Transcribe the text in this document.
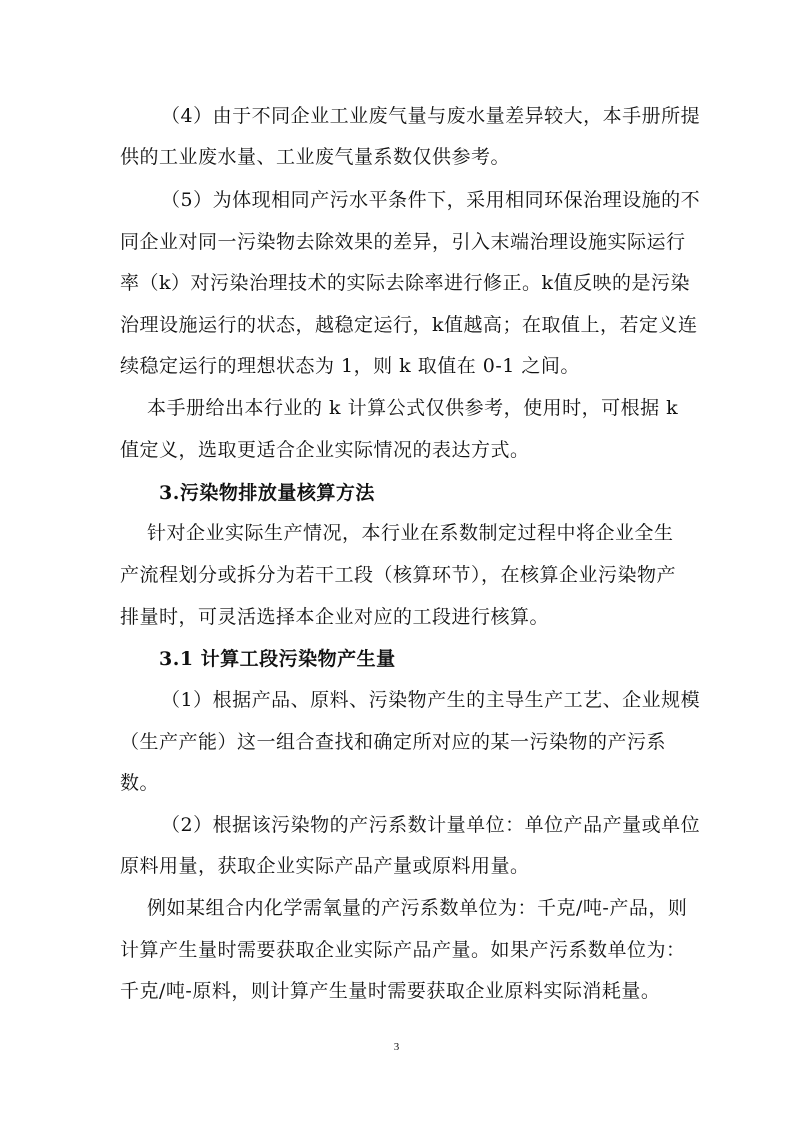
（4）由于不同企业工业废气量与废水量差异较大，本手册所提
供的工业废水量、工业废气量系数仅供参考。
（5）为体现相同产污水平条件下，采用相同环保治理设施的不
同企业对同一污染物去除效果的差异，引入末端治理设施实际运行
率（k）对污染治理技术的实际去除率进行修正。k值反映的是污染
治理设施运行的状态，越稳定运行，k值越高；在取值上，若定义连
续稳定运行的理想状态为 1，则 k 取值在 0-1 之间。
本手册给出本行业的 k 计算公式仅供参考，使用时，可根据 k
值定义，选取更适合企业实际情况的表达方式。
3.污染物排放量核算方法
针对企业实际生产情况，本行业在系数制定过程中将企业全生
产流程划分或拆分为若干工段（核算环节），在核算企业污染物产
排量时，可灵活选择本企业对应的工段进行核算。
3.1 计算工段污染物产生量
（1）根据产品、原料、污染物产生的主导生产工艺、企业规模
（生产产能）这一组合查找和确定所对应的某一污染物的产污系
数。
（2）根据该污染物的产污系数计量单位：单位产品产量或单位
原料用量，获取企业实际产品产量或原料用量。
例如某组合内化学需氧量的产污系数单位为：千克/吨-产品，则
计算产生量时需要获取企业实际产品产量。如果产污系数单位为：
千克/吨-原料，则计算产生量时需要获取企业原料实际消耗量。
3
